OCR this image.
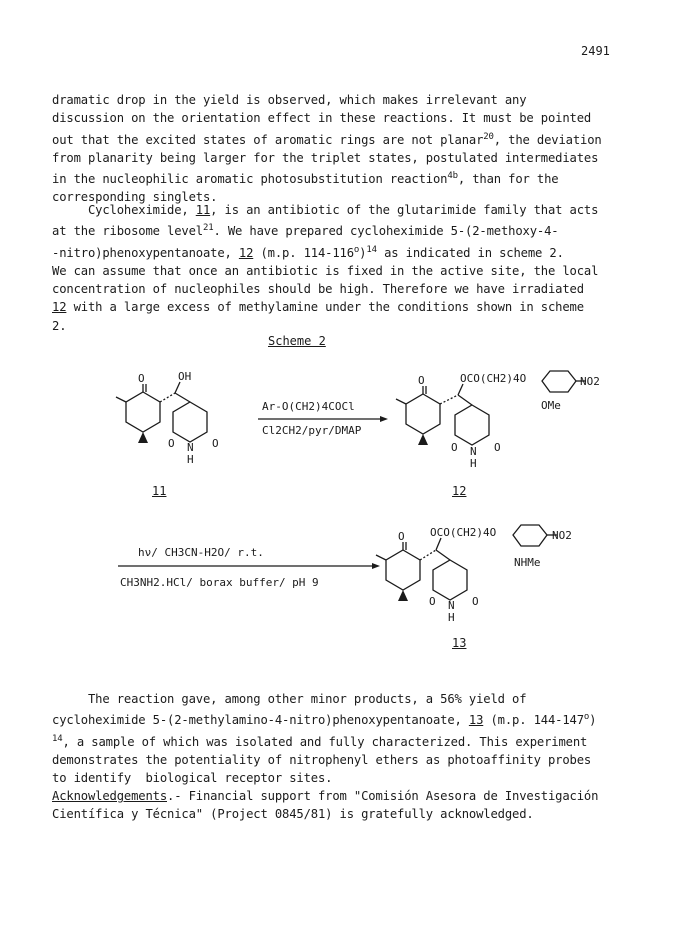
2491
dramatic drop in the yield is observed, which makes irrelevant any
discussion on the orientation effect in these reactions. It must be pointed
out that the excited states of aromatic rings are not planar$^{20}$, the deviation
from planarity being larger for the triplet states, postulated intermediates
in the nucleophilic aromatic photosubstitution reaction$^{4b}$, than for the
corresponding singlets.
Cycloheximide, 11, is an antibiotic of the glutarimide family that acts
at the ribosome level$^{21}$. We have prepared cycloheximide 5-(2-methoxy-4-
-nitro)phenoxypentanoate, 12 (m.p. 114-116$^o$)$^{14}$ as indicated in scheme 2.
We can assume that once an antibiotic is fixed in the active site, the local
concentration of nucleophiles should be high. Therefore we have irradiated
12 with a large excess of methylamine under the conditions shown in scheme
2.
Scheme 2
O	OH
O N
H
O
Ar-O(CH2)4COCl
Cl2CH2/pyr/DMAP
O	OCO(CH2)4O	NO2
OMe
O N
H
O
hν/ CH3CN-H2O/ r.t.
CH3NH2.HCl/ borax buffer/ pH 9
O OCO(CH2)4O	NO2
NHMe
O N
H
O
11	12
13
The reaction gave, among other minor products, a 56% yield of
cycloheximide 5-(2-methylamino-4-nitro)phenoxypentanoate, 13 (m.p. 144-147$^o$)
$^{14}$, a sample of which was isolated and fully characterized. This experiment
demonstrates the potentiality of nitrophenyl ethers as photoaffinity probes
to identify  biological receptor sites.
Acknowledgements.- Financial support from "Comisión Asesora de Investigación
Científica y Técnica" (Project 0845/81) is gratefully acknowledged.
